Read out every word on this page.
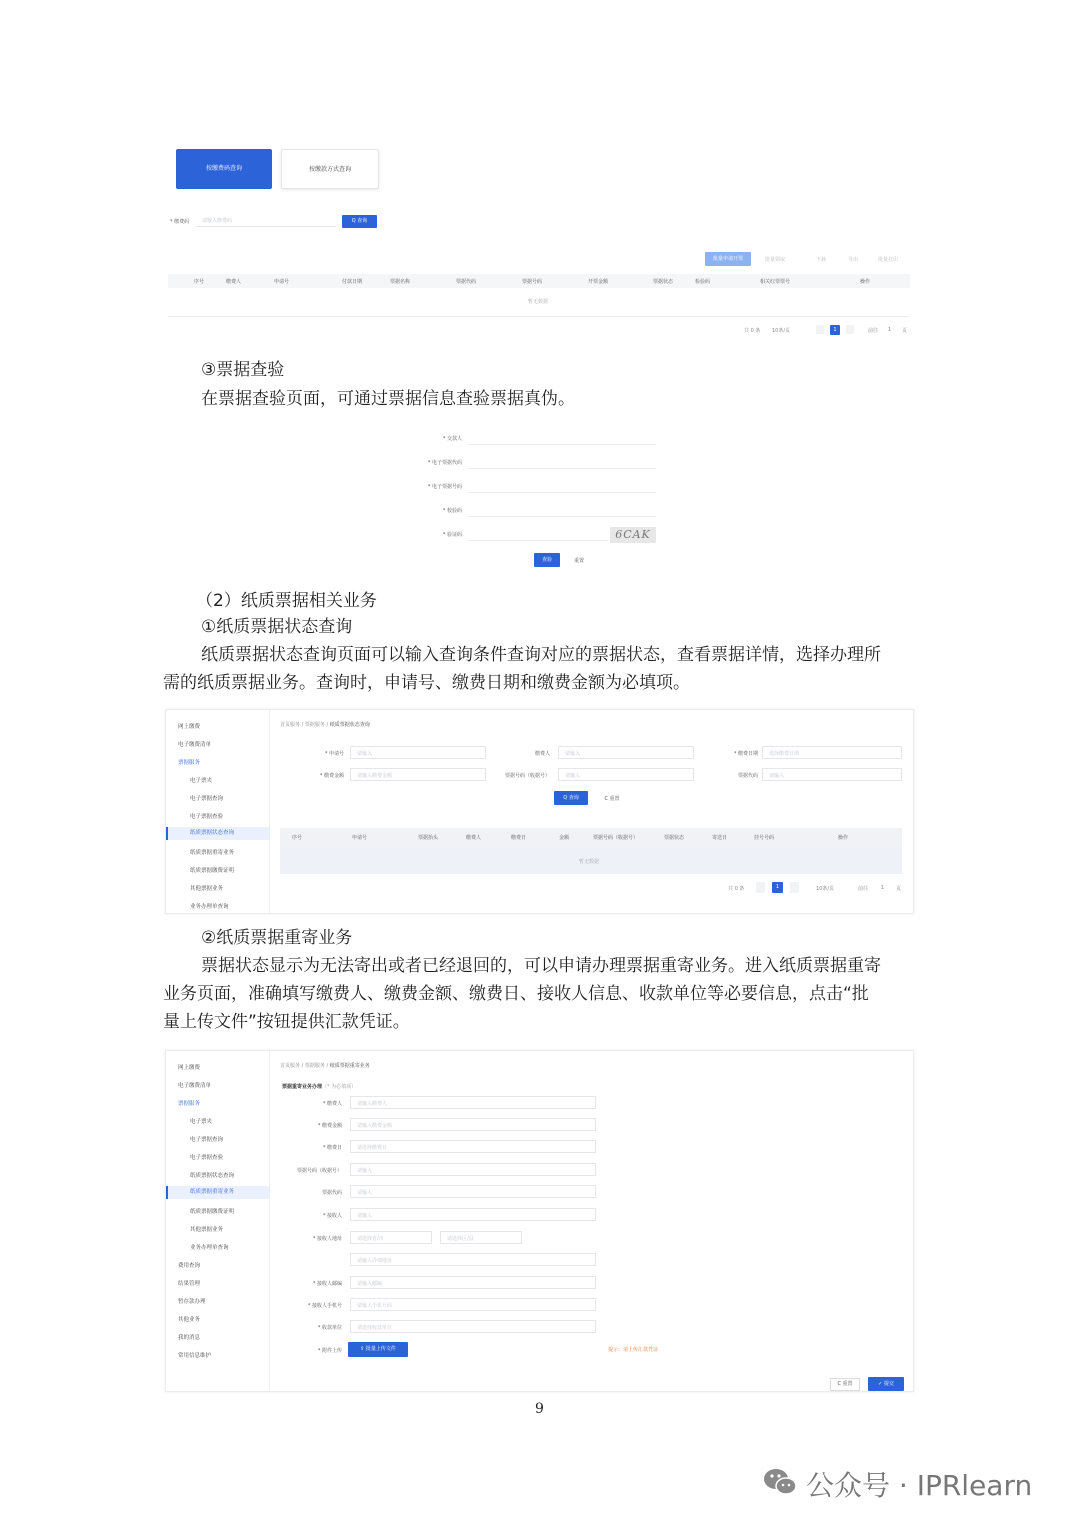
按缴费码查询	按缴款方式查询
* 缴费码	请输入缴费码	Q 查询
批量申请开票	批量领取	下载	导出	批量打印
序号	缴费人	申请号	付款日期	票据名称	票据代码	票据号码	开票金额	票据状态	检验码	相关红票票号	操作
暂无数据
共 0 条 10条/页	1	前往 1 页
③票据查验
在票据查验页面，可通过票据信息查验票据真伪。
* 交款人
* 电子票据代码
* 电子票据号码
* 校验码
* 验证码	6CAK
查验	重置
（2）纸质票据相关业务
①纸质票据状态查询
纸质票据状态查询页面可以输入查询条件查询对应的票据状态，查看票据详情，选择办理所
需的纸质票据业务。查询时，申请号、缴费日期和缴费金额为必填项。
网上缴费
电子缴费清单
票据服务
电子票夹
电子票据查询
电子票据查验
纸质票据状态查询
纸质票据重寄业务
纸质票据缴费证明
其他票据业务
业务办理单查询
首页服务 / 票据服务 / 纸质票据状态查询
* 申请号	请输入	缴费人	请输入	* 缴费日期 选择缴费日期
* 缴费金额	请输入缴费金额	票据号码（收据号）	请输入	票据代码 请输入
Q 查询	C 重置
序号	申请号	票据抬头	缴费人	缴费日	金额	票据号码（收据号）	票据状态	寄送日	挂号号码	操作
暂无数据
共 0 条	1	10条/页	前往	1 页
②纸质票据重寄业务
票据状态显示为无法寄出或者已经退回的，可以申请办理票据重寄业务。进入纸质票据重寄
业务页面，准确填写缴费人、缴费金额、缴费日、接收人信息、收款单位等必要信息，点击“批
量上传文件”按钮提供汇款凭证。
网上缴费
电子缴费清单
票据服务
电子票夹
电子票据查询
电子票据查验
纸质票据状态查询
纸质票据重寄业务
纸质票据缴费证明
其他票据业务
业务办理单查询
费用查询
结果管理
暂存款办理
其他业务
我的消息
常用信息维护
首页服务 / 票据服务 / 纸质票据重寄业务
票据重寄业务办理（* 为必填项）
* 缴费人	请输入缴费人
* 缴费金额	请输入缴费金额
* 缴费日	请选择缴费日
票据号码（收据号）	请输入
票据代码	请输入
* 接收人	请输入
* 接收人地址	请选择省/市	请选择区/县
请输入详细地址
* 接收人邮编	请输入邮编
* 接收人手机号	请输入手机号码
* 收款单位	请选择收款单位
* 附件上传	⇪ 批量上传文件	提示：请上传汇款凭证
C 重置	✓ 提交
9
公众号 · IPRlearn
